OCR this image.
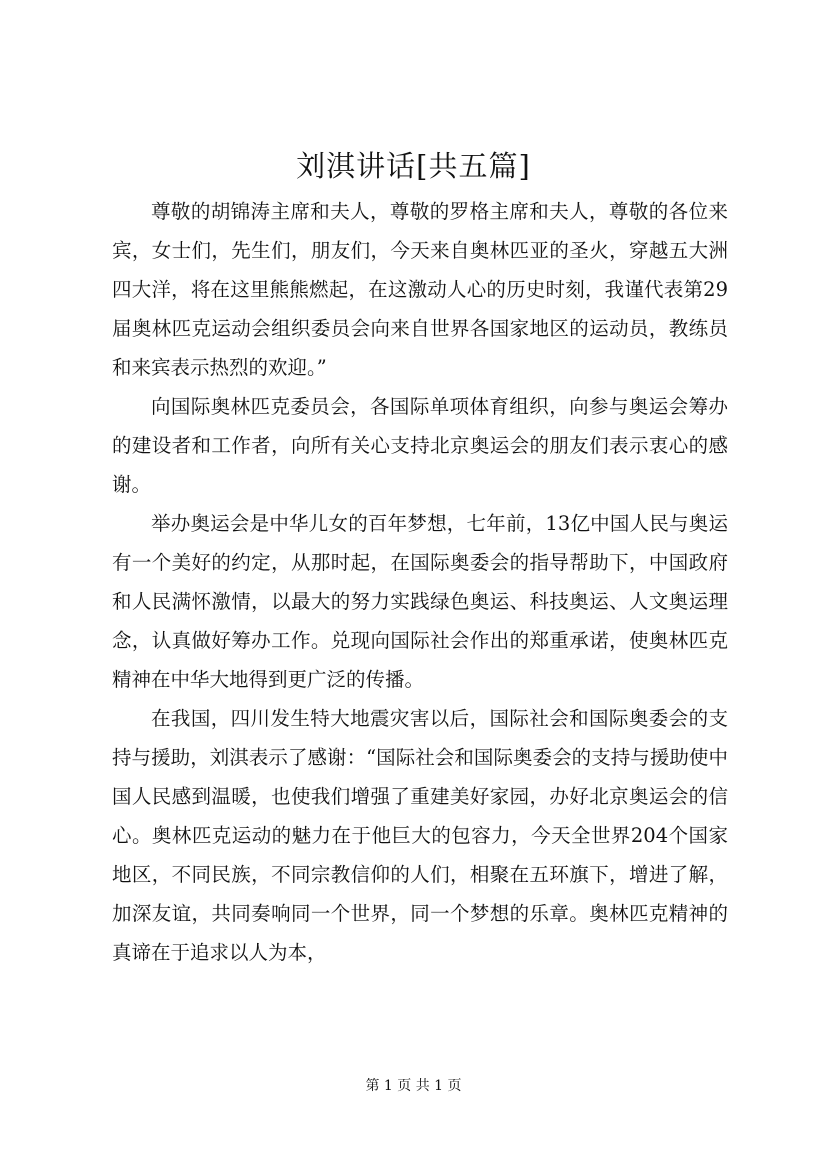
刘淇讲话[共五篇]

尊敬的胡锦涛主席和夫人，尊敬的罗格主席和夫人，尊敬的各位来宾，女士们，先生们，朋友们，今天来自奥林匹亚的圣火，穿越五大洲四大洋，将在这里熊熊燃起，在这激动人心的历史时刻，我谨代表第29届奥林匹克运动会组织委员会向来自世界各国家地区的运动员，教练员和来宾表示热烈的欢迎。”

向国际奥林匹克委员会，各国际单项体育组织，向参与奥运会筹办的建设者和工作者，向所有关心支持北京奥运会的朋友们表示衷心的感谢。

举办奥运会是中华儿女的百年梦想，七年前，13亿中国人民与奥运有一个美好的约定，从那时起，在国际奥委会的指导帮助下，中国政府和人民满怀激情，以最大的努力实践绿色奥运、科技奥运、人文奥运理念，认真做好筹办工作。兑现向国际社会作出的郑重承诺，使奥林匹克精神在中华大地得到更广泛的传播。

在我国，四川发生特大地震灾害以后，国际社会和国际奥委会的支持与援助，刘淇表示了感谢：“国际社会和国际奥委会的支持与援助使中国人民感到温暖，也使我们增强了重建美好家园，办好北京奥运会的信心。奥林匹克运动的魅力在于他巨大的包容力，今天全世界204个国家地区，不同民族，不同宗教信仰的人们，相聚在五环旗下，增进了解，加深友谊，共同奏响同一个世界，同一个梦想的乐章。奥林匹克精神的真谛在于追求以人为本，

第 1 页 共 1 页
